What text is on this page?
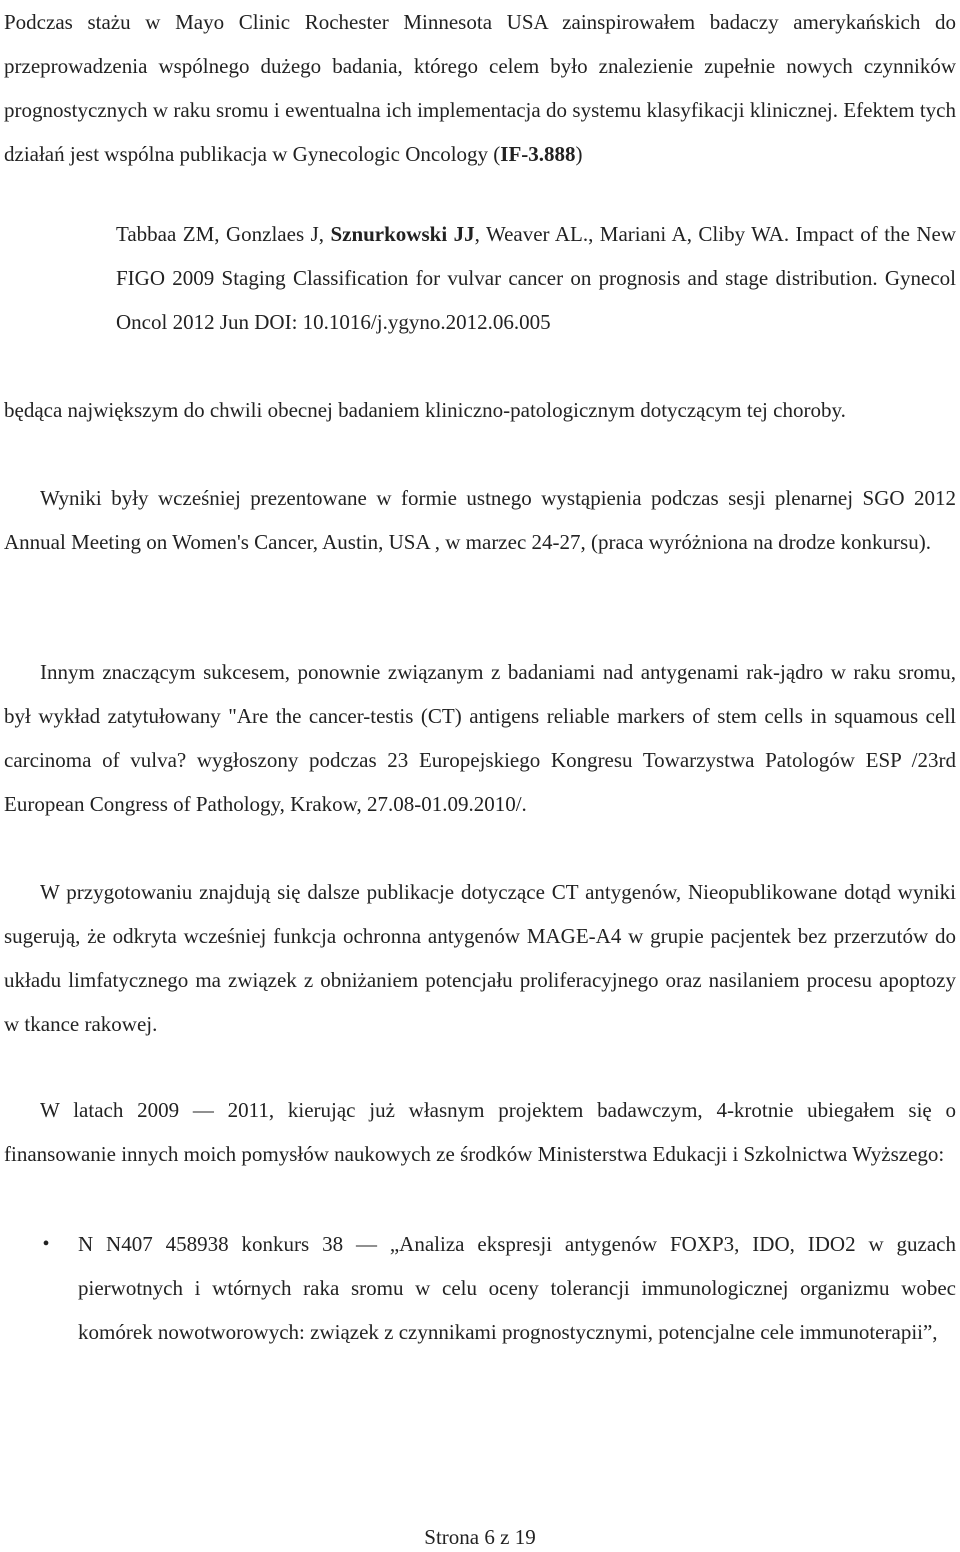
Podczas stażu w Mayo Clinic Rochester Minnesota USA zainspirowałem badaczy amerykańskich do przeprowadzenia wspólnego dużego badania, którego celem było znalezienie zupełnie nowych czynników prognostycznych w raku sromu i ewentualna ich implementacja do systemu klasyfikacji klinicznej. Efektem tych działań jest wspólna publikacja w Gynecologic Oncology (IF-3.888)

Tabbaa ZM, Gonzlaes J, Sznurkowski JJ, Weaver AL., Mariani A, Cliby WA. Impact of the New FIGO 2009 Staging Classification for vulvar cancer on prognosis and stage distribution. Gynecol Oncol 2012 Jun DOI: 10.1016/j.ygyno.2012.06.005

będąca największym do chwili obecnej badaniem kliniczno-patologicznym dotyczącym tej choroby.

Wyniki były wcześniej prezentowane w formie ustnego wystąpienia podczas sesji plenarnej SGO 2012 Annual Meeting on Women's Cancer, Austin, USA , w marzec 24-27, (praca wyróżniona na drodze konkursu).

Innym znaczącym sukcesem, ponownie związanym z badaniami nad antygenami rak-jądro w raku sromu, był wykład zatytułowany "Are the cancer-testis (CT) antigens reliable markers of stem cells in squamous cell carcinoma of vulva? wygłoszony podczas 23 Europejskiego Kongresu Towarzystwa Patologów ESP /23rd European Congress of Pathology, Krakow, 27.08-01.09.2010/.

W przygotowaniu znajdują się dalsze publikacje dotyczące CT antygenów, Nieopublikowane dotąd wyniki sugerują, że odkryta wcześniej funkcja ochronna antygenów MAGE-A4 w grupie pacjentek bez przerzutów do układu limfatycznego ma związek z obniżaniem potencjału proliferacyjnego oraz nasilaniem procesu apoptozy w tkance rakowej.

W latach 2009 — 2011, kierując już własnym projektem badawczym, 4-krotnie ubiegałem się o finansowanie innych moich pomysłów naukowych ze środków Ministerstwa Edukacji i Szkolnictwa Wyższego:

•	N N407 458938 konkurs 38 — „Analiza ekspresji antygenów FOXP3, IDO, IDO2 w guzach pierwotnych i wtórnych raka sromu w celu oceny tolerancji immunologicznej organizmu wobec komórek nowotworowych: związek z czynnikami prognostycznymi, potencjalne cele immunoterapii”,

Strona 6 z 19
